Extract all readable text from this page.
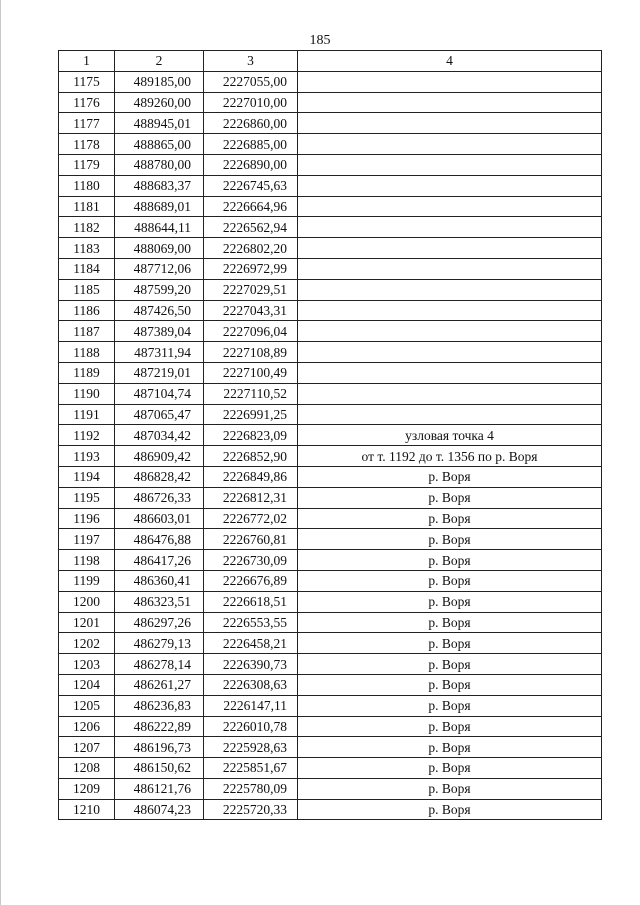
185
1	2	3	4
1175	489185,00	2227055,00	
1176	489260,00	2227010,00	
1177	488945,01	2226860,00	
1178	488865,00	2226885,00	
1179	488780,00	2226890,00	
1180	488683,37	2226745,63	
1181	488689,01	2226664,96	
1182	488644,11	2226562,94	
1183	488069,00	2226802,20	
1184	487712,06	2226972,99	
1185	487599,20	2227029,51	
1186	487426,50	2227043,31	
1187	487389,04	2227096,04	
1188	487311,94	2227108,89	
1189	487219,01	2227100,49	
1190	487104,74	2227110,52	
1191	487065,47	2226991,25	
1192	487034,42	2226823,09	узловая точка 4
1193	486909,42	2226852,90	от т. 1192 до т. 1356 по р. Воря
1194	486828,42	2226849,86	р. Воря
1195	486726,33	2226812,31	р. Воря
1196	486603,01	2226772,02	р. Воря
1197	486476,88	2226760,81	р. Воря
1198	486417,26	2226730,09	р. Воря
1199	486360,41	2226676,89	р. Воря
1200	486323,51	2226618,51	р. Воря
1201	486297,26	2226553,55	р. Воря
1202	486279,13	2226458,21	р. Воря
1203	486278,14	2226390,73	р. Воря
1204	486261,27	2226308,63	р. Воря
1205	486236,83	2226147,11	р. Воря
1206	486222,89	2226010,78	р. Воря
1207	486196,73	2225928,63	р. Воря
1208	486150,62	2225851,67	р. Воря
1209	486121,76	2225780,09	р. Воря
1210	486074,23	2225720,33	р. Воря
